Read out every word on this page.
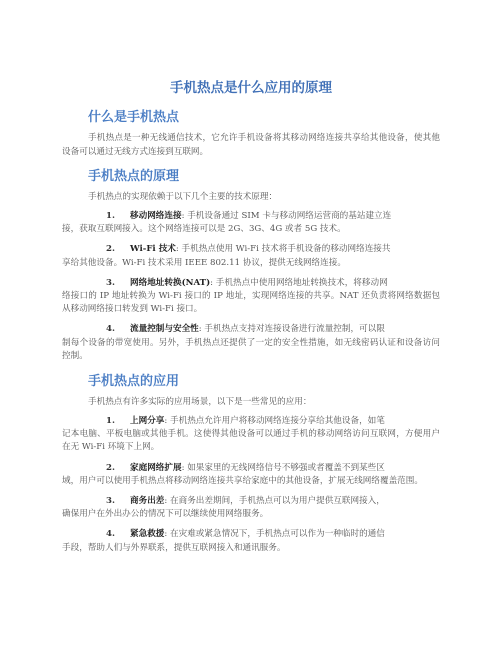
手机热点是什么应用的原理
什么是手机热点

手机热点是一种无线通信技术，它允许手机设备将其移动网络连接共享给其他设备，使其他设备可以通过无线方式连接到互联网。

手机热点的原理

手机热点的实现依赖于以下几个主要的技术原理：

1. 移动网络连接: 手机设备通过 SIM 卡与移动网络运营商的基站建立连
接，获取互联网接入。这个网络连接可以是 2G、3G、4G 或者 5G 技术。
2. Wi-Fi 技术: 手机热点使用 Wi-Fi 技术将手机设备的移动网络连接共
享给其他设备。Wi-Fi 技术采用 IEEE 802.11 协议，提供无线网络连接。
3. 网络地址转换(NAT): 手机热点中使用网络地址转换技术，将移动网
络接口的 IP 地址转换为 Wi-Fi 接口的 IP 地址，实现网络连接的共享。NAT 还负责将网络数据包从移动网络接口转发到 Wi-Fi 接口。
4. 流量控制与安全性: 手机热点支持对连接设备进行流量控制，可以限
制每个设备的带宽使用。另外，手机热点还提供了一定的安全性措施，如无线密码认证和设备访问控制。
手机热点的应用

手机热点有许多实际的应用场景，以下是一些常见的应用：

1. 上网分享: 手机热点允许用户将移动网络连接分享给其他设备，如笔
记本电脑、平板电脑或其他手机。这使得其他设备可以通过手机的移动网络访问互联网，方便用户在无 Wi-Fi 环境下上网。
2. 家庭网络扩展: 如果家里的无线网络信号不够强或者覆盖不到某些区
域，用户可以使用手机热点将移动网络连接共享给家庭中的其他设备，扩展无线网络覆盖范围。
3. 商务出差: 在商务出差期间，手机热点可以为用户提供互联网接入，
确保用户在外出办公的情况下可以继续使用网络服务。
4. 紧急救援: 在灾难或紧急情况下，手机热点可以作为一种临时的通信
手段，帮助人们与外界联系，提供互联网接入和通讯服务。
